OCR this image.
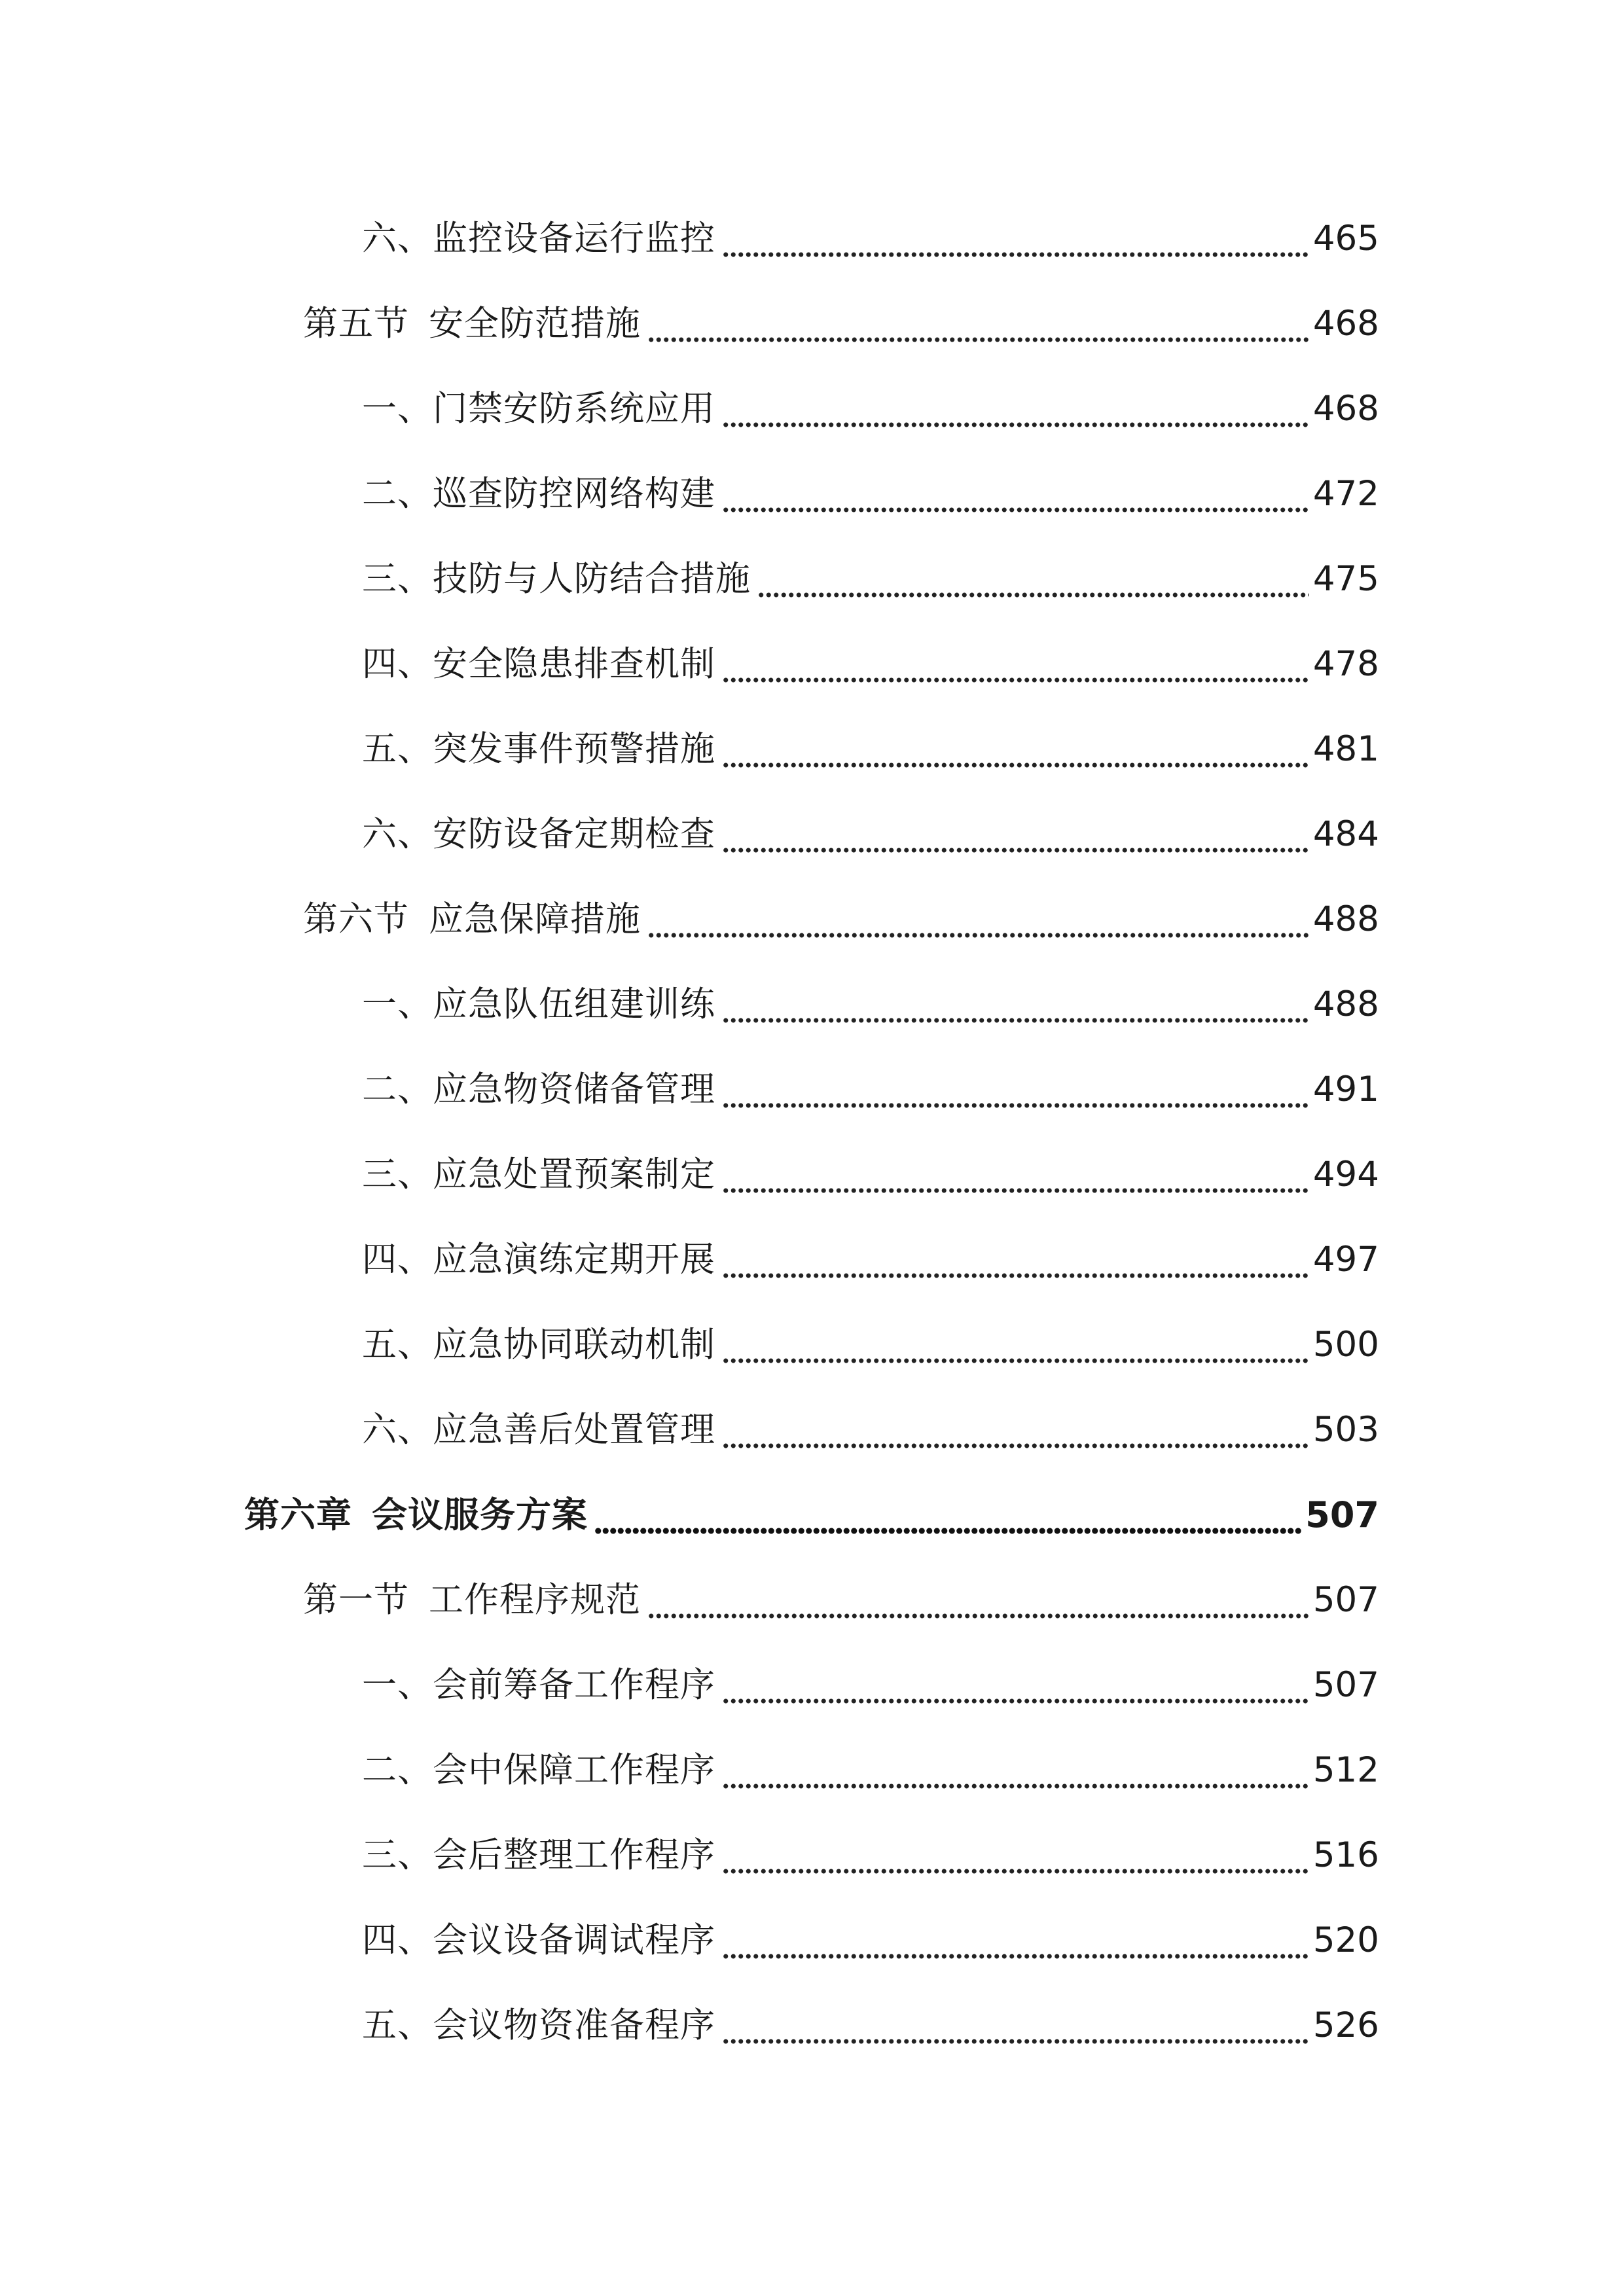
六、监控设备运行监控	465
第五节 安全防范措施	468
一、门禁安防系统应用	468
二、巡查防控网络构建	472
三、技防与人防结合措施	475
四、安全隐患排查机制	478
五、突发事件预警措施	481
六、安防设备定期检查	484
第六节 应急保障措施	488
一、应急队伍组建训练	488
二、应急物资储备管理	491
三、应急处置预案制定	494
四、应急演练定期开展	497
五、应急协同联动机制	500
六、应急善后处置管理	503
第六章 会议服务方案	507
第一节 工作程序规范	507
一、会前筹备工作程序	507
二、会中保障工作程序	512
三、会后整理工作程序	516
四、会议设备调试程序	520
五、会议物资准备程序	526
